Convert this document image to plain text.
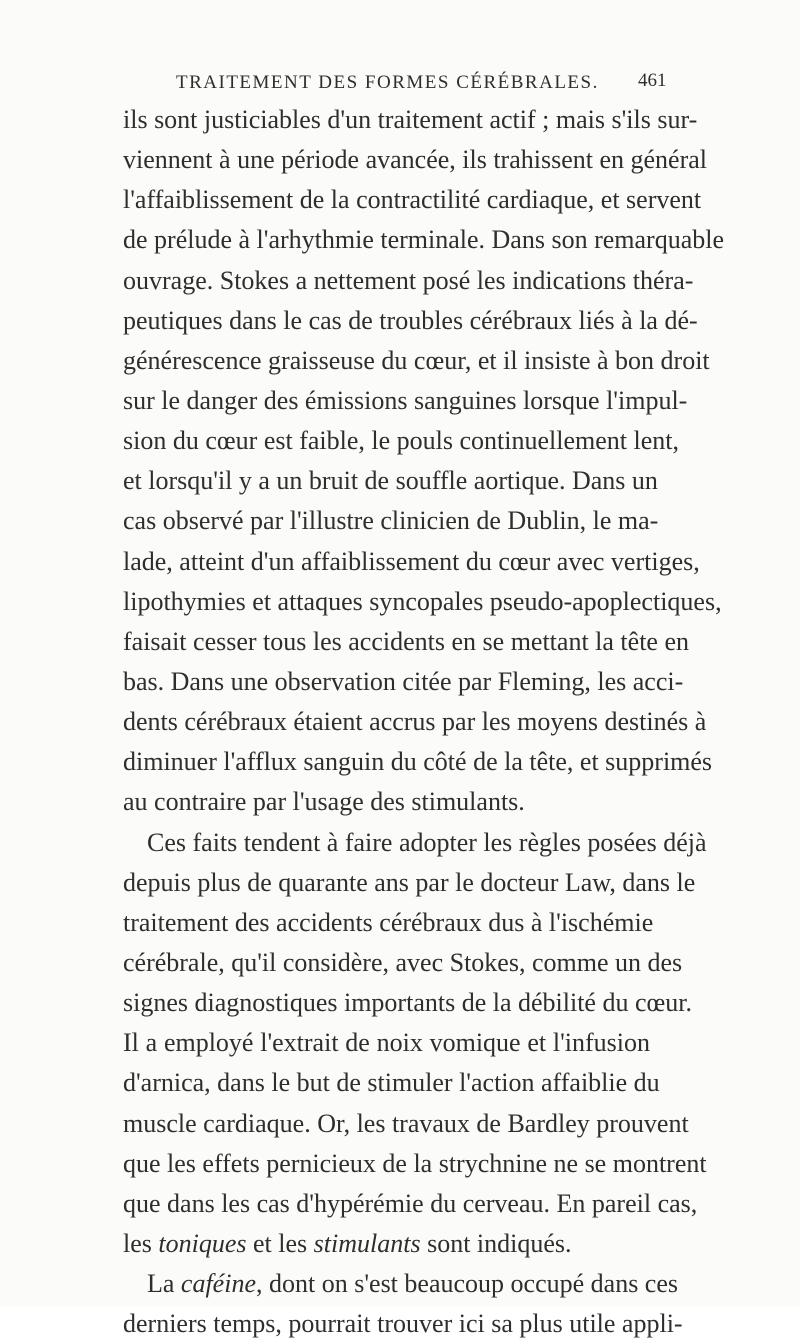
TRAITEMENT DES FORMES CÉRÉBRALES.	461
ils sont justiciables d'un traitement actif ; mais s'ils sur-
viennent à une période avancée, ils trahissent en général
l'affaiblissement de la contractilité cardiaque, et servent
de prélude à l'arhythmie terminale. Dans son remarquable
ouvrage. Stokes a nettement posé les indications théra-
peutiques dans le cas de troubles cérébraux liés à la dé-
générescence graisseuse du cœur, et il insiste à bon droit
sur le danger des émissions sanguines lorsque l'impul-
sion du cœur est faible, le pouls continuellement lent,
et lorsqu'il y a un bruit de souffle aortique. Dans un
cas observé par l'illustre clinicien de Dublin, le ma-
lade, atteint d'un affaiblissement du cœur avec vertiges,
lipothymies et attaques syncopales pseudo-apoplectiques,
faisait cesser tous les accidents en se mettant la tête en
bas. Dans une observation citée par Fleming, les acci-
dents cérébraux étaient accrus par les moyens destinés à
diminuer l'afflux sanguin du côté de la tête, et supprimés
au contraire par l'usage des stimulants.
Ces faits tendent à faire adopter les règles posées déjà
depuis plus de quarante ans par le docteur Law, dans le
traitement des accidents cérébraux dus à l'ischémie
cérébrale, qu'il considère, avec Stokes, comme un des
signes diagnostiques importants de la débilité du cœur.
Il a employé l'extrait de noix vomique et l'infusion
d'arnica, dans le but de stimuler l'action affaiblie du
muscle cardiaque. Or, les travaux de Bardley prouvent
que les effets pernicieux de la strychnine ne se montrent
que dans les cas d'hypérémie du cerveau. En pareil cas,
les toniques et les stimulants sont indiqués.
La caféine, dont on s'est beaucoup occupé dans ces
derniers temps, pourrait trouver ici sa plus utile appli-
